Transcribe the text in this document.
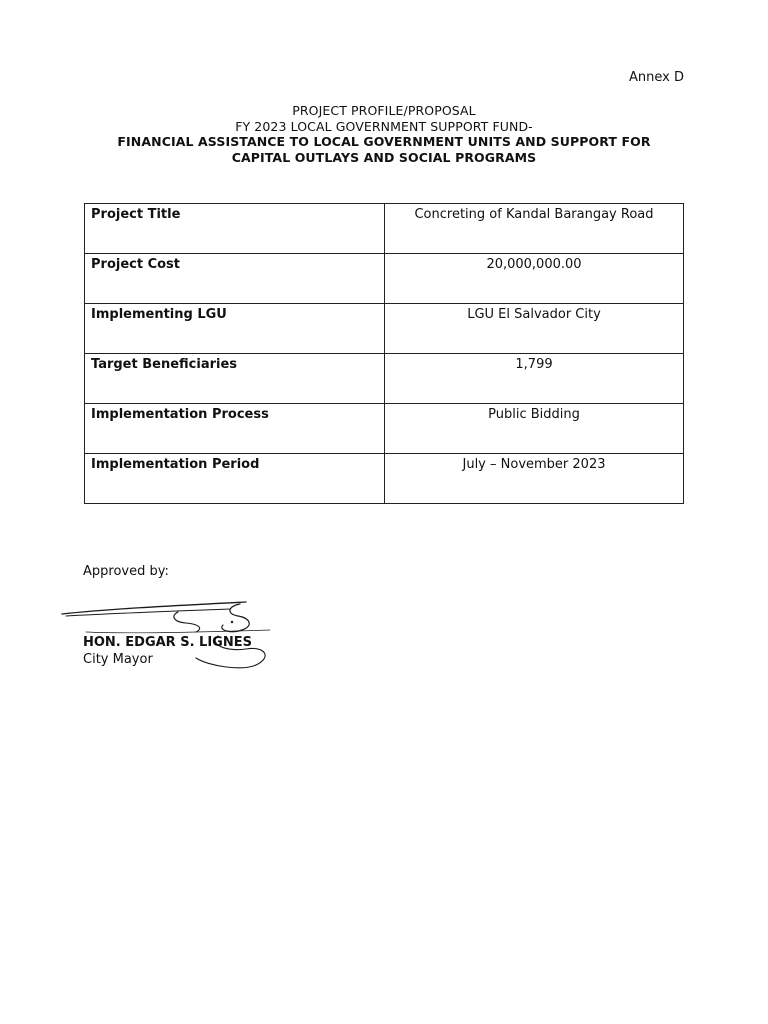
Annex D
PROJECT PROFILE/PROPOSAL
FY 2023 LOCAL GOVERNMENT SUPPORT FUND-
FINANCIAL ASSISTANCE TO LOCAL GOVERNMENT UNITS AND SUPPORT FOR
CAPITAL OUTLAYS AND SOCIAL PROGRAMS
Project Title	Concreting of Kandal Barangay Road
Project Cost	20,000,000.00
Implementing LGU	LGU El Salvador City
Target Beneficiaries	1,799
Implementation Process	Public Bidding
Implementation Period	July – November 2023
Approved by:
HON. EDGAR S. LIGNES
City Mayor
